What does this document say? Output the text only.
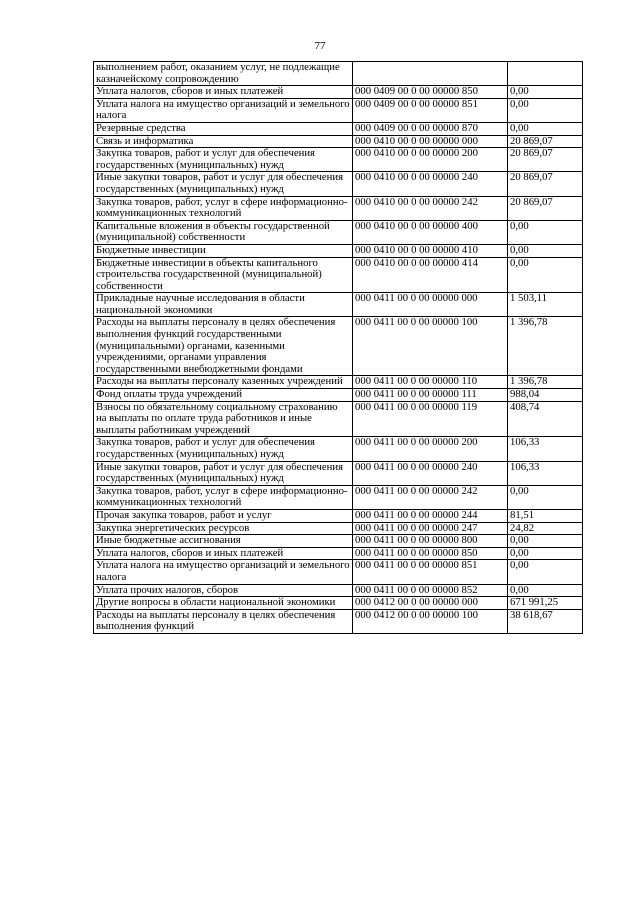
77
выполнением работ, оказанием услуг, не подлежащие казначейскому сопровождению		
Уплата налогов, сборов и иных платежей	000 0409 00 0 00 00000 850	0,00
Уплата налога на имущество организаций и земельного налога	000 0409 00 0 00 00000 851	0,00
Резервные средства	000 0409 00 0 00 00000 870	0,00
Связь и информатика	000 0410 00 0 00 00000 000	20 869,07
Закупка товаров, работ и услуг для обеспечения государственных (муниципальных) нужд	000 0410 00 0 00 00000 200	20 869,07
Иные закупки товаров, работ и услуг для обеспечения государственных (муниципальных) нужд	000 0410 00 0 00 00000 240	20 869,07
Закупка товаров, работ, услуг в сфере информационно-коммуникационных технологий	000 0410 00 0 00 00000 242	20 869,07
Капитальные вложения в объекты государственной (муниципальной) собственности	000 0410 00 0 00 00000 400	0,00
Бюджетные инвестиции	000 0410 00 0 00 00000 410	0,00
Бюджетные инвестиции в объекты капитального строительства государственной (муниципальной) собственности	000 0410 00 0 00 00000 414	0,00
Прикладные научные исследования в области национальной экономики	000 0411 00 0 00 00000 000	1 503,11
Расходы на выплаты персоналу в целях обеспечения выполнения функций государственными (муниципальными) органами, казенными учреждениями, органами управления государственными внебюджетными фондами	000 0411 00 0 00 00000 100	1 396,78
Расходы на выплаты персоналу казенных учреждений	000 0411 00 0 00 00000 110	1 396,78
Фонд оплаты труда учреждений	000 0411 00 0 00 00000 111	988,04
Взносы по обязательному социальному страхованию на выплаты по оплате труда работников и иные выплаты работникам учреждений	000 0411 00 0 00 00000 119	408,74
Закупка товаров, работ и услуг для обеспечения государственных (муниципальных) нужд	000 0411 00 0 00 00000 200	106,33
Иные закупки товаров, работ и услуг для обеспечения государственных (муниципальных) нужд	000 0411 00 0 00 00000 240	106,33
Закупка товаров, работ, услуг в сфере информационно-коммуникационных технологий	000 0411 00 0 00 00000 242	0,00
Прочая закупка товаров, работ и услуг	000 0411 00 0 00 00000 244	81,51
Закупка энергетических ресурсов	000 0411 00 0 00 00000 247	24,82
Иные бюджетные ассигнования	000 0411 00 0 00 00000 800	0,00
Уплата налогов, сборов и иных платежей	000 0411 00 0 00 00000 850	0,00
Уплата налога на имущество организаций и земельного налога	000 0411 00 0 00 00000 851	0,00
Уплата прочих налогов, сборов	000 0411 00 0 00 00000 852	0,00
Другие вопросы в области национальной экономики	000 0412 00 0 00 00000 000	671 991,25
Расходы на выплаты персоналу в целях обеспечения выполнения функций	000 0412 00 0 00 00000 100	38 618,67
